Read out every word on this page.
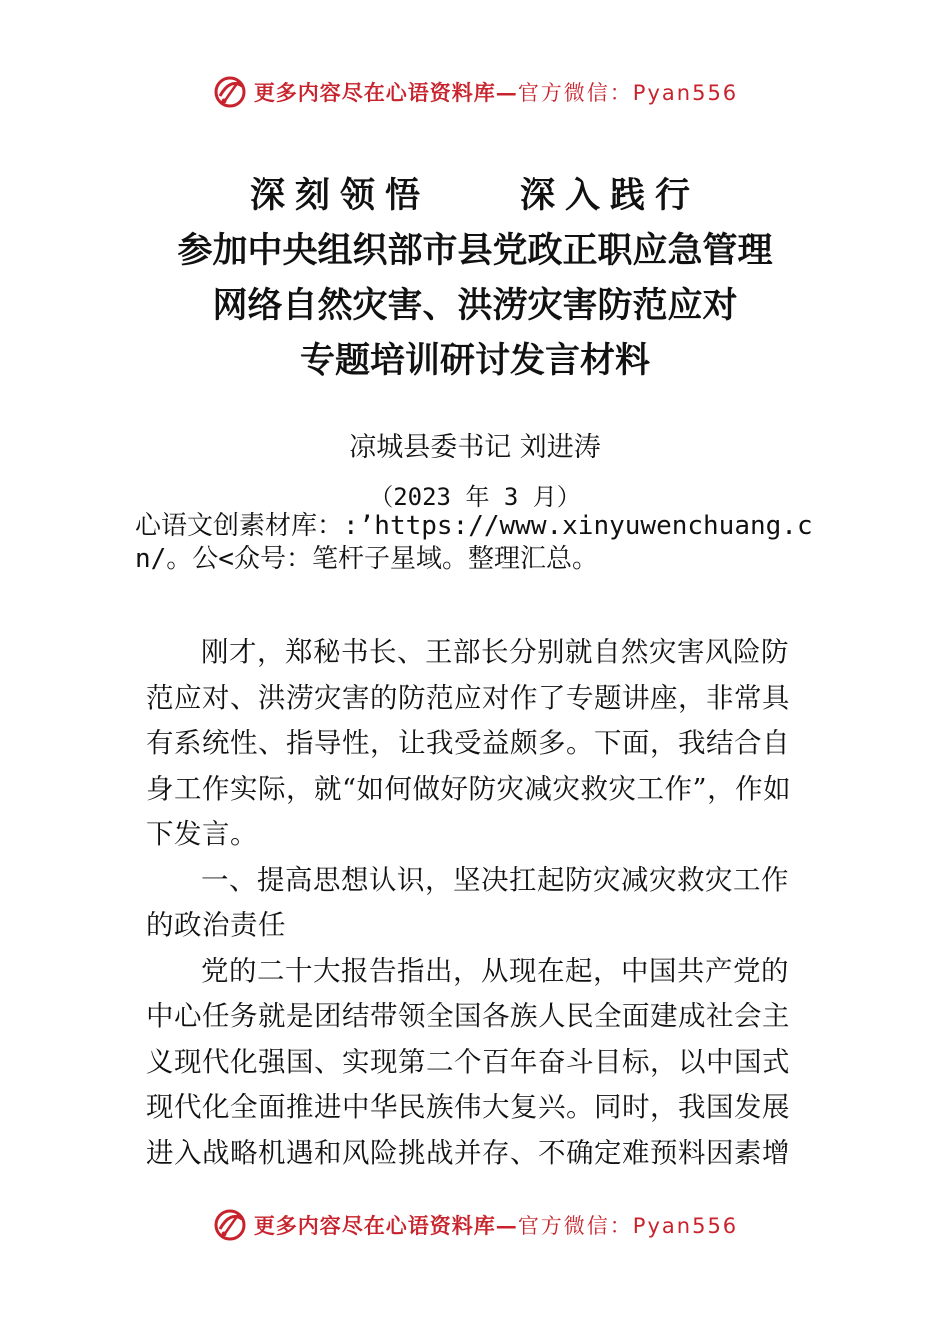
更多内容尽在心语资料库— 官方微信：Pyan556
深刻领悟　　深入践行
参加中央组织部市县党政正职应急管理
网络自然灾害、洪涝灾害防范应对
专题培训研讨发言材料
凉城县委书记 刘进涛
（2023 年 3 月）
心语文创素材库：:’https://www.xinyuwenchuang.cn/。公<众号：笔杆子星域。整理汇总。

刚才，郑秘书长、王部长分别就自然灾害风险防范应对、洪涝灾害的防范应对作了专题讲座，非常具有系统性、指导性，让我受益颇多。下面，我结合自身工作实际，就“如何做好防灾减灾救灾工作”，作如下发言。

一、提高思想认识，坚决扛起防灾减灾救灾工作的政治责任

党的二十大报告指出，从现在起，中国共产党的中心任务就是团结带领全国各族人民全面建成社会主义现代化强国、实现第二个百年奋斗目标，以中国式现代化全面推进中华民族伟大复兴。同时，我国发展进入战略机遇和风险挑战并存、不确定难预料因素增

更多内容尽在心语资料库— 官方微信：Pyan556
